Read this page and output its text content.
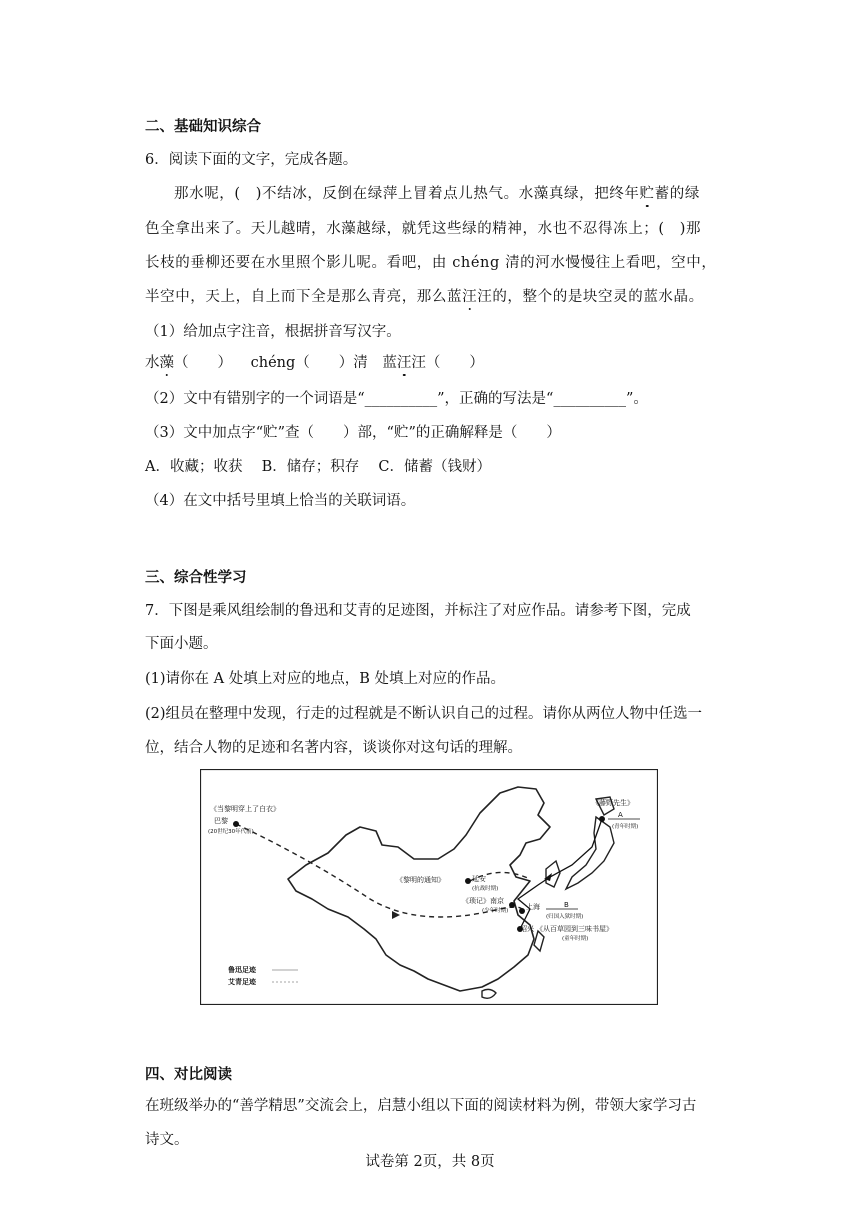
二、基础知识综合
6．阅读下面的文字，完成各题。
那水呢，(　)不结冰，反倒在绿萍上冒着点儿热气。水藻真绿，把终年贮蓄的绿
色全拿出来了。天儿越晴，水藻越绿，就凭这些绿的精神，水也不忍得冻上；(　)那
长枝的垂柳还要在水里照个影儿呢。看吧，由 chéng 清的河水慢慢往上看吧，空中，
半空中，天上，自上而下全是那么青亮，那么蓝汪汪的，整个的是块空灵的蓝水晶。
（1）给加点字注音，根据拼音写汉字。
水藻（　　） chéng（　　）清 蓝汪汪（　　）
（2）文中有错别字的一个词语是“__________”，正确的写法是“__________”。
（3）文中加点字“贮”查（　　）部，“贮”的正确解释是（　　）
A．收藏；收获　 B．储存；积存　 C．储蓄（钱财）
（4）在文中括号里填上恰当的关联词语。
三、综合性学习
7．下图是乘风组绘制的鲁迅和艾青的足迹图，并标注了对应作品。请参考下图，完成
下面小题。
(1)请你在 A 处填上对应的地点，B 处填上对应的作品。
(2)组员在整理中发现，行走的过程就是不断认识自己的过程。请你从两位人物中任选一
位，结合人物的足迹和名著内容，谈谈你对这句话的理解。
《当黎明穿上了白衣》
巴黎
(20世纪30年代前)
《藤野先生》
A
(青年时期)
《黎明的通知》	延安
(抗战时期)
《琐记》 南京
(少年时期)	上海	B
(归国入狱时期)
绍兴 《从百草园到三味书屋》
(童年时期)
鲁迅足迹
艾青足迹
四、对比阅读
在班级举办的“善学精思”交流会上，启慧小组以下面的阅读材料为例，带领大家学习古
诗文。
试卷第 2页，共 8页
